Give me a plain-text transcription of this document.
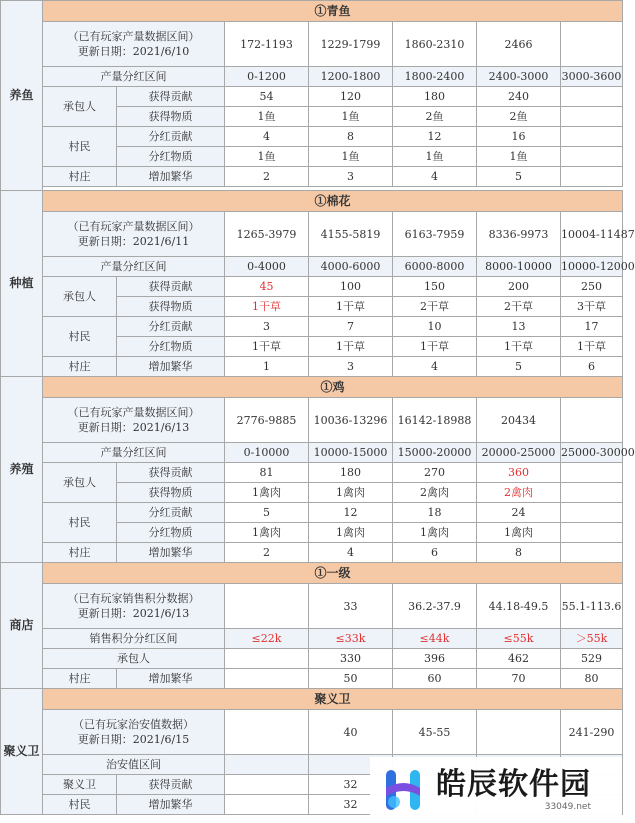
养鱼	①青鱼						

	（已有玩家产量数据区间）
更新日期：2021/6/10		172-1193	1229-1799	1860-2310	2466	
	产量分红区间		0-1200	1200-1800	1800-2400	2400-3000	3000-3600
	承包人	获得贡献	54	120	180	240	
		获得物质	1鱼	1鱼	2鱼	2鱼	
	村民	分红贡献	4	8	12	16	
		分红物质	1鱼	1鱼	1鱼	1鱼	
	村庄	增加繁华	2	3	4	5	

种植	①棉花						

	（已有玩家产量数据区间）
更新日期：2021/6/11		1265-3979	4155-5819	6163-7959	8336-9973	10004-11487
	产量分红区间		0-4000	4000-6000	6000-8000	8000-10000	10000-12000
	承包人	获得贡献	45	100	150	200	250
		获得物质	1干草	1干草	2干草	2干草	3干草
	村民	分红贡献	3	7	10	13	17
		分红物质	1干草	1干草	1干草	1干草	1干草
	村庄	增加繁华	1	3	4	5	6
养殖	①鸡						

	（已有玩家产量数据区间）
更新日期：2021/6/13		2776-9885	10036-13296	16142-18988	20434	
	产量分红区间		0-10000	10000-15000	15000-20000	20000-25000	25000-30000
	承包人	获得贡献	81	180	270	360	
		获得物质	1禽肉	1禽肉	2禽肉	2禽肉	
	村民	分红贡献	5	12	18	24	
		分红物质	1禽肉	1禽肉	1禽肉	1禽肉	
	村庄	增加繁华	2	4	6	8	
商店	①一级						

	（已有玩家销售积分数据）
更新日期：2021/6/13			33	36.2-37.9	44.18-49.5	55.1-113.6
	销售积分分红区间		≤22k	≤33k	≤44k	≤55k	＞55k
	承包人			330	396	462	529
	村庄	增加繁华		50	60	70	80
聚义卫	聚义卫						

	（已有玩家治安值数据）
更新日期：2021/6/15			40	45-55		241-290
	治安值区间						
	聚义卫	获得贡献		32			
	村民	增加繁华		32			
皓辰软件园
33049.net
